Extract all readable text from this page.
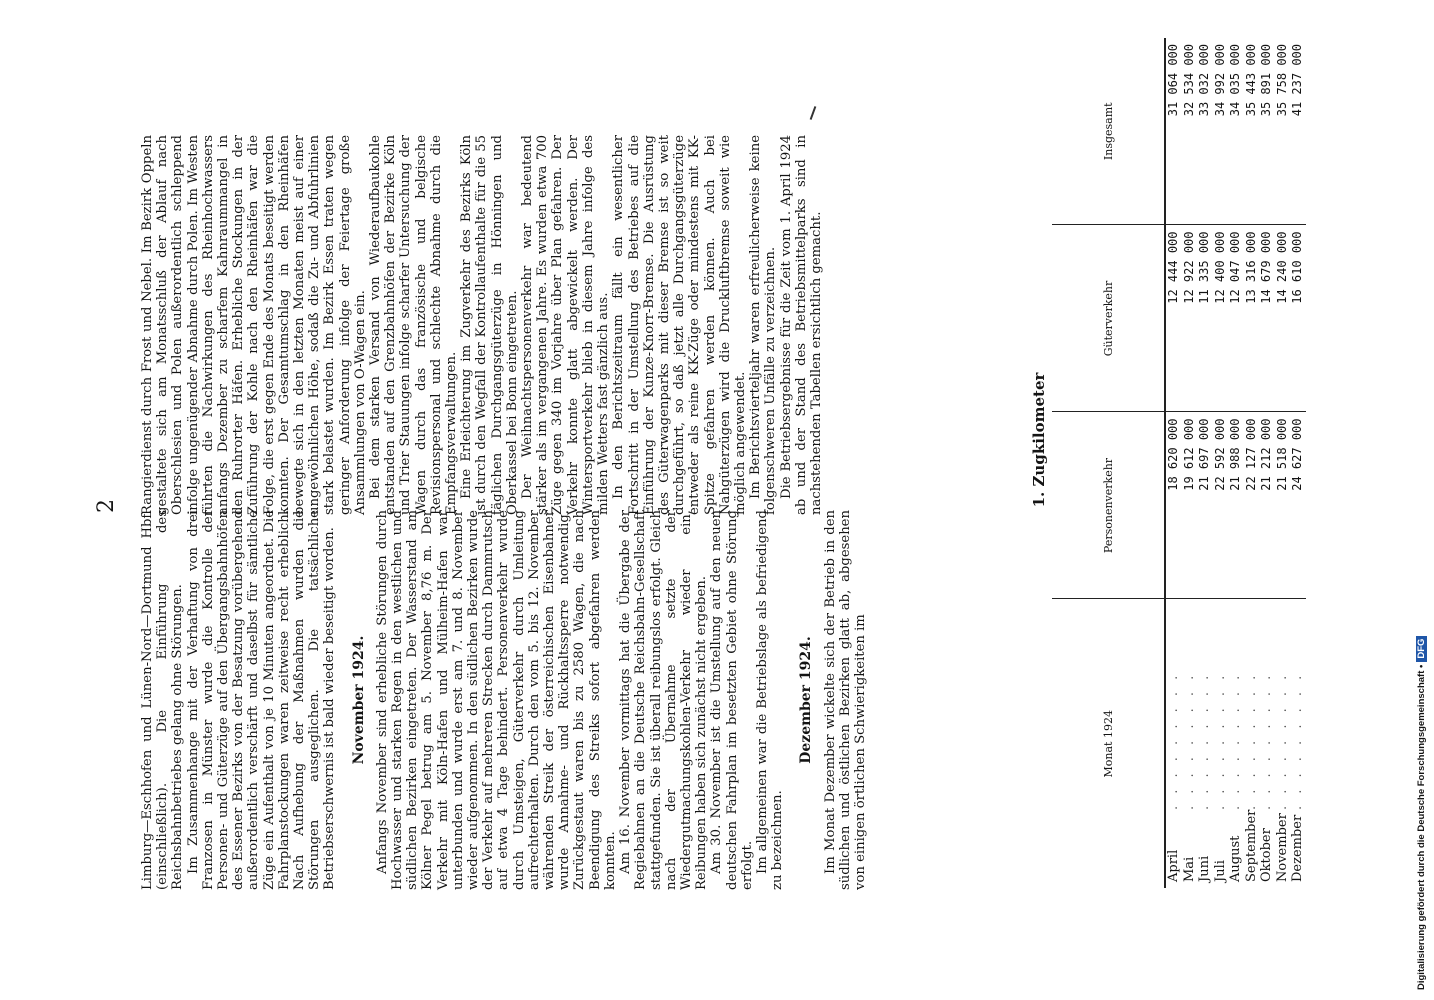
2

Limburg—Eschhofen und Lünen-Nord—Dortmund Hbf. (einschließlich). Die Einführung des Reichsbahnbetriebes gelang ohne Störungen. Im Zusammenhange mit der Verhaftung von drei Franzosen in Münster wurde die Kontrolle der Personen- und Güterzüge auf den Übergangsbahnhöfen des Essener Bezirks von der Besatzung vorübergehend außerordentlich verschärft und daselbst für sämtliche Züge ein Aufenthalt von je 10 Minuten angeordnet. Die Fahrplanstockungen waren zeitweise recht erheblich. Nach Aufhebung der Maßnahmen wurden die Störungen ausgeglichen. Die tatsächliche Betriebserschwernis ist bald wieder beseitigt worden. November 1924. Anfangs November sind erhebliche Störungen durch Hochwasser und starken Regen in den westlichen und südlichen Bezirken eingetreten. Der Wasserstand am Kölner Pegel betrug am 5. November 8,76 m. Der Verkehr mit Köln-Hafen und Mülheim-Hafen war unterbunden und wurde erst am 7. und 8. November wieder aufgenommen. In den südlichen Bezirken wurde der Verkehr auf mehreren Strecken durch Dammrutsch auf etwa 4 Tage behindert. Personenverkehr wurde durch Umsteigen, Güterverkehr durch Umleitung aufrechterhalten. Durch den vom 5. bis 12. November währenden Streik der österreichischen Eisenbahner wurde Annahme- und Rückhaltssperre notwendig. Zurückgestaut waren bis zu 2580 Wagen, die nach Beendigung des Streiks sofort abgefahren werden konnten. Am 16. November vormittags hat die Übergabe der Regiebahnen an die Deutsche Reichsbahn-Gesellschaft stattgefunden. Sie ist überall reibungslos erfolgt. Gleich nach der Übernahme setzte der Wiedergutmachungskohlen-Verkehr wieder ein, Reibungen haben sich zunächst nicht ergeben. Am 30. November ist die Umstellung auf den neuen deutschen Fahrplan im besetzten Gebiet ohne Störung erfolgt. Im allgemeinen war die Betriebslage als befriedigend zu bezeichnen.

Dezember 1924. Im Monat Dezember wickelte sich der Betrieb in den südlichen und östlichen Bezirken glatt ab, abgesehen von einigen örtlichen Schwierigkeiten im

Rangierdienst durch Frost und Nebel. Im Bezirk Oppeln gestaltete sich am Monatsschluß der Ablauf nach Oberschlesien und Polen außerordentlich schleppend infolge ungenügender Abnahme durch Polen. Im Westen führten die Nachwirkungen des Rheinhochwassers anfangs Dezember zu scharfem Kahnraummangel in den Ruhrorter Häfen. Erhebliche Stockungen in der Zuführung der Kohle nach den Rheinhäfen war die Folge, die erst gegen Ende des Monats beseitigt werden konnten. Der Gesamtumschlag in den Rheinhäfen bewegte sich in den letzten Monaten meist auf einer ungewöhnlichen Höhe, sodaß die Zu- und Abfuhrlinien stark belastet wurden. Im Bezirk Essen traten wegen geringer Anforderung infolge der Feiertage große Ansammlungen von O-Wagen ein. Bei dem starken Versand von Wiederaufbaukohle entstanden auf den Grenzbahnhöfen der Bezirke Köln und Trier Stauungen infolge scharfer Untersuchung der Wagen durch das französische und belgische Revisionspersonal und schlechte Abnahme durch die Empfangsverwaltungen. Eine Erleichterung im Zugverkehr des Bezirks Köln ist durch den Wegfall der Kontrollaufenthalte für die 55 täglichen Durchgangsgüterzüge in Hönningen und Oberkassel bei Bonn eingetreten. Der Weihnachtspersonenverkehr war bedeutend stärker als im vergangenen Jahre. Es wurden etwa 700 Züge gegen 340 im Vorjahre über Plan gefahren. Der Verkehr konnte glatt abgewickelt werden. Der Wintersportverkehr blieb in diesem Jahre infolge des milden Wetters fast gänzlich aus. In den Berichtszeitraum fällt ein wesentlicher Fortschritt in der Umstellung des Betriebes auf die Einführung der Kunze-Knorr-Bremse. Die Ausrüstung des Güterwagenparks mit dieser Bremse ist so weit durchgeführt, so daß jetzt alle Durchgangsgüterzüge entweder als reine KK-Züge oder mindestens mit KK-Spitze gefahren werden können. Auch bei Nahgüterzügen wird die Druckluftbremse soweit wie möglich angewendet. Im Berichtsvierteljahr waren erfreulicherweise keine folgenschweren Unfälle zu verzeichnen. Die Betriebsergebnisse für die Zeit vom 1. April 1924 ab und der Stand des Betriebsmittelparks sind in nachstehenden Tabellen ersichtlich gemacht.	1. Zugkilometer
Monat 1924	Personenverkehr	Güterverkehr	Insgesamt
April. . . . . . . . .	18 620 000	12 444 000	31 064 000
Mai. . . . . . . . .	19 612 000	12 922 000	32 534 000
Juni. . . . . . . . .	21 697 000	11 335 000	33 032 000
Juli. . . . . . . . .	22 592 000	12 400 000	34 992 000
August. . . . . . . . .	21 988 000	12 047 000	34 035 000
September. . . . . . . . .	22 127 000	13 316 000	35 443 000
Oktober. . . . . . . . .	21 212 000	14 679 000	35 891 000
November. . . . . . . . .	21 518 000	14 240 000	35 758 000
Dezember. . . . . . . . .	24 627 000	16 610 000	41 237 000
Digitalisierung gefördert durch die Deutsche Forschungsgemeinschaft •DFG
